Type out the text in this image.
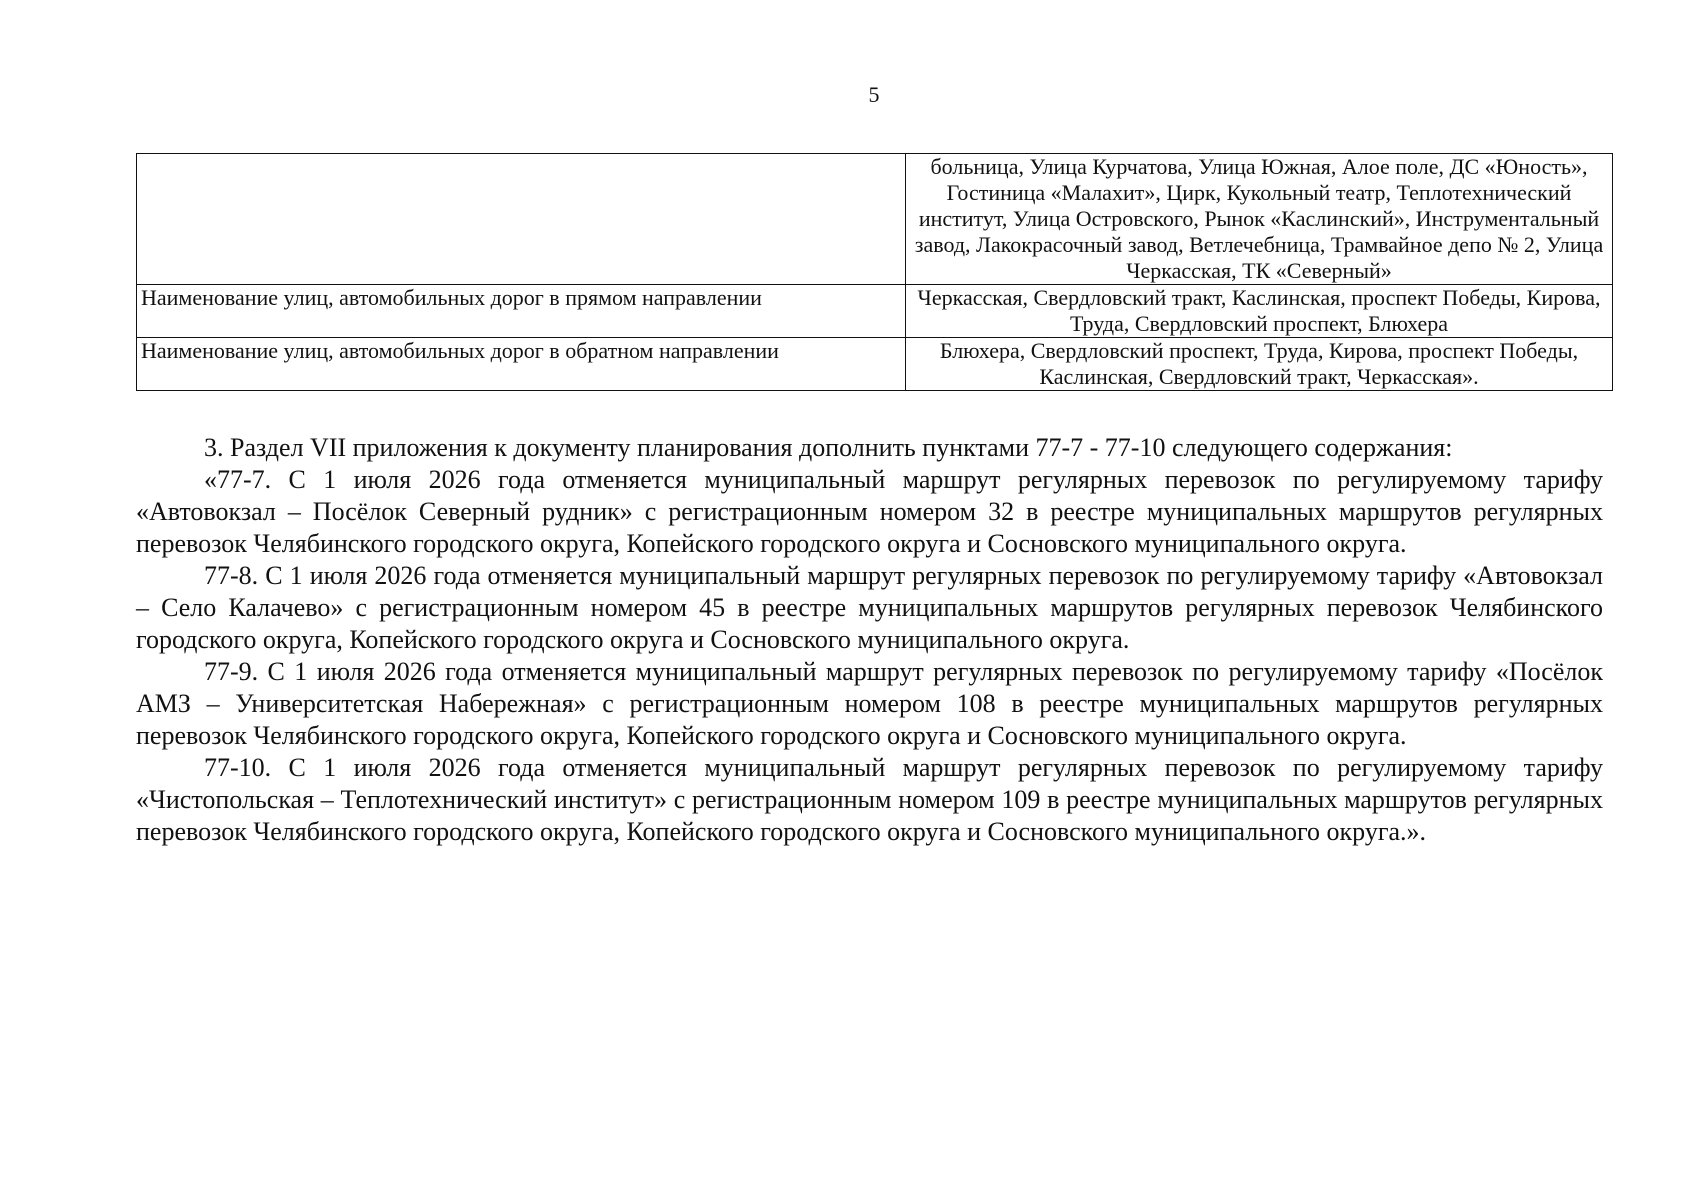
5
	больница, Улица Курчатова, Улица Южная, Алое поле, ДС «Юность», Гостиница «Малахит», Цирк, Кукольный театр, Теплотехнический институт, Улица Островского, Рынок «Каслинский», Инструментальный завод, Лакокрасочный завод, Ветлечебница, Трамвайное депо № 2, Улица Черкасская, ТК «Северный»
Наименование улиц, автомобильных дорог в прямом направлении	Черкасская, Свердловский тракт, Каслинская, проспект Победы, Кирова, Труда, Свердловский проспект, Блюхера
Наименование улиц, автомобильных дорог в обратном направлении	Блюхера, Свердловский проспект, Труда, Кирова, проспект Победы, Каслинская, Свердловский тракт, Черкасская».

3. Раздел VII приложения к документу планирования дополнить пунктами 77-7 - 77-10 следующего содержания:

«77-7. С 1 июля 2026 года отменяется муниципальный маршрут регулярных перевозок по регулируемому тарифу «Автовокзал – Посёлок Северный рудник» с регистрационным номером 32 в реестре муниципальных маршрутов регулярных перевозок Челябинского городского округа, Копейского городского округа и Сосновского муниципального округа.

77-8. С 1 июля 2026 года отменяется муниципальный маршрут регулярных перевозок по регулируемому тарифу «Автовокзал – Село Калачево» с регистрационным номером 45 в реестре муниципальных маршрутов регулярных перевозок Челябинского городского округа, Копейского городского округа и Сосновского муниципального округа.

77-9. С 1 июля 2026 года отменяется муниципальный маршрут регулярных перевозок по регулируемому тарифу «Посёлок АМЗ – Университетская Набережная» с регистрационным номером 108 в реестре муниципальных маршрутов регулярных перевозок Челябинского городского округа, Копейского городского округа и Сосновского муниципального округа.

77-10. С 1 июля 2026 года отменяется муниципальный маршрут регулярных перевозок по регулируемому тарифу «Чистопольская – Теплотехнический институт» с регистрационным номером 109 в реестре муниципальных маршрутов регулярных перевозок Челябинского городского округа, Копейского городского округа и Сосновского муниципального округа.».
